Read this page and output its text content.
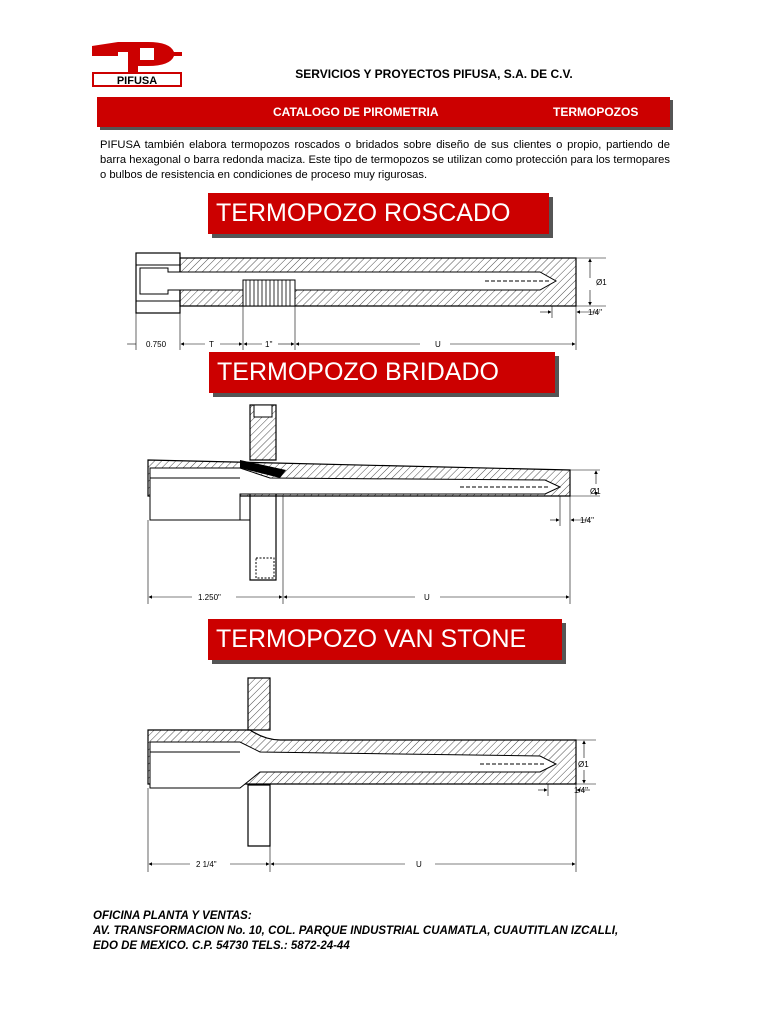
PIFUSA	SERVICIOS Y PROYECTOS PIFUSA, S.A. DE C.V.
CATALOGO DE PIROMETRIA	TERMOPOZOS
PIFUSA también elabora termopozos roscados o bridados sobre diseño de sus clientes o propio, partiendo de barra hexagonal o barra redonda maciza. Este tipo de termopozos se utilizan como protección para los termopares o bulbos de resistencia en condiciones de proceso muy rigurosas.
TERMOPOZO ROSCADO
TERMOPOZO BRIDADO
TERMOPOZO VAN STONE
0.750	T	1''	U
Ø1
1/4''
1.250"	U
Ø1
1/4"
2 1/4"	U
Ø1
1/4"
OFICINA PLANTA Y VENTAS:
AV. TRANSFORMACION No. 10, COL. PARQUE INDUSTRIAL CUAMATLA, CUAUTITLAN IZCALLI,
EDO DE MEXICO. C.P. 54730 TELS.: 5872-24-44
